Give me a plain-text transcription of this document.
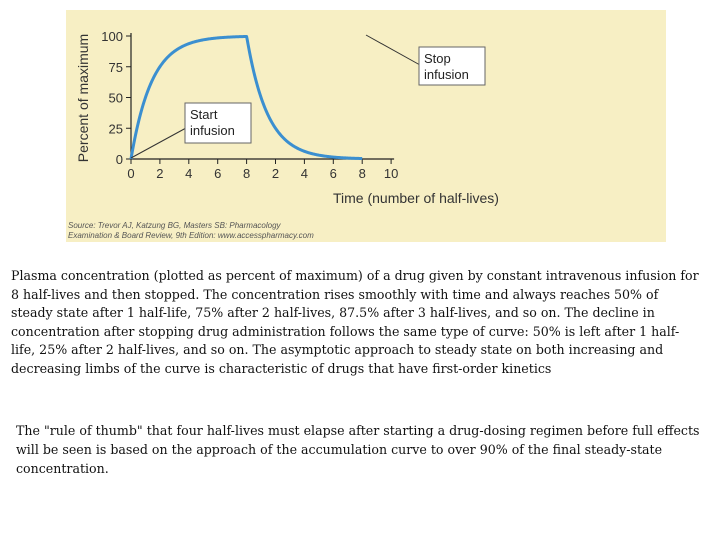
0
25
50
75
100
0 2 4 6 8 2 4 6 8 10
Percent of maximum
Time (number of half-lives)
Start infusion
Stop infusion
Source: Trevor AJ, Katzung BG, Masters SB: Pharmacology
Examination & Board Review, 9th Edition: www.accesspharmacy.com

Plasma concentration (plotted as percent of maximum) of a drug given by constant intravenous infusion for 8 half-lives and then stopped. The concentration rises smoothly with time and always reaches 50% of steady state after 1 half-life, 75% after 2 half-lives, 87.5% after 3 half-lives, and so on. The decline in concentration after stopping drug administration follows the same type of curve: 50% is left after 1 half-life, 25% after 2 half-lives, and so on. The asymptotic approach to steady state on both increasing and decreasing limbs of the curve is characteristic of drugs that have first-order kinetics

The "rule of thumb" that four half-lives must elapse after starting a drug-dosing regimen before full effects will be seen is based on the approach of the accumulation curve to over 90% of the final steady-state concentration.
